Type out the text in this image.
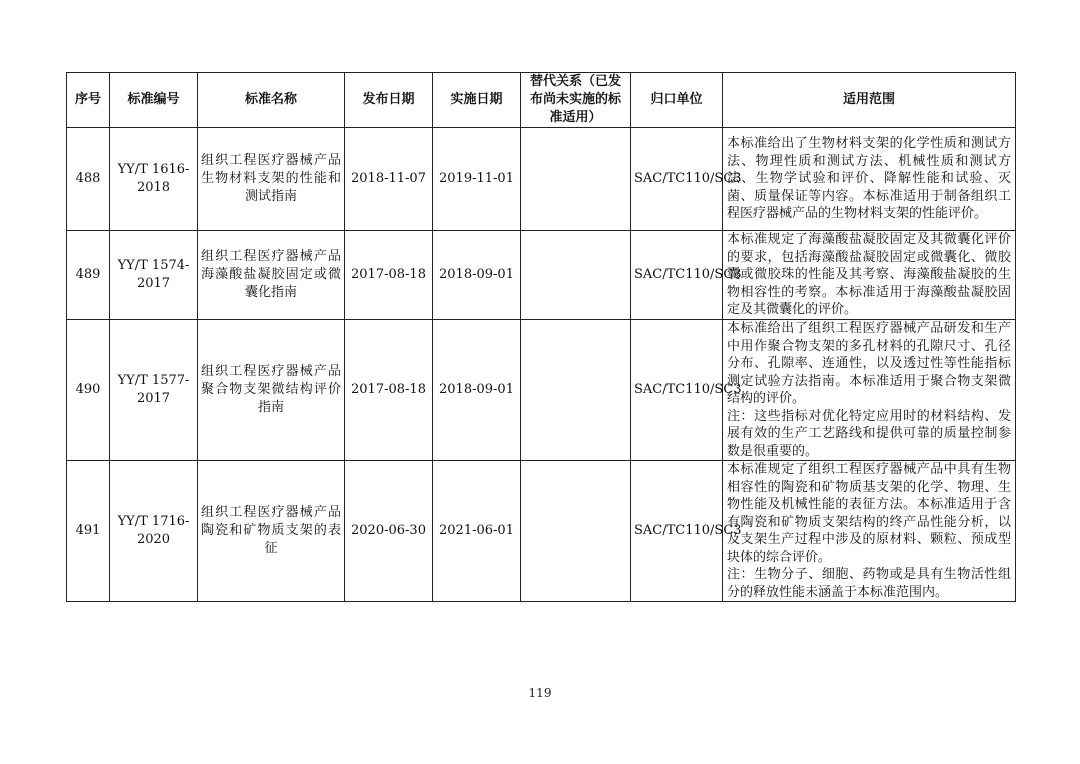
序号	标准编号	标准名称	发布日期	实施日期	替代关系（已发布尚未实施的标准适用）	归口单位	适用范围
488	YY/T 1616-2018	组织工程医疗器械产品 生物材料支架的性能和测试指南	2018-11-07	2019-11-01		SAC/TC110/SC3	本标准给出了生物材料支架的化学性质和测试方法、物理性质和测试方法、机械性质和测试方法、生物学试验和评价、降解性能和试验、灭菌、质量保证等内容。本标准适用于制备组织工程医疗器械产品的生物材料支架的性能评价。

489	YY/T 1574-2017	组织工程医疗器械产品 海藻酸盐凝胶固定或微囊化指南	2017-08-18	2018-09-01		SAC/TC110/SC3	本标准规定了海藻酸盐凝胶固定及其微囊化评价的要求，包括海藻酸盐凝胶固定或微囊化、微胶囊或微胶珠的性能及其考察、海藻酸盐凝胶的生物相容性的考察。本标准适用于海藻酸盐凝胶固定及其微囊化的评价。

490	YY/T 1577-2017	组织工程医疗器械产品 聚合物支架微结构评价指南	2017-08-18	2018-09-01		SAC/TC110/SC3	本标准给出了组织工程医疗器械产品研发和生产中用作聚合物支架的多孔材料的孔隙尺寸、孔径分布、孔隙率、连通性，以及透过性等性能指标测定试验方法指南。本标准适用于聚合物支架微结构的评价。
注：这些指标对优化特定应用时的材料结构、发展有效的生产工艺路线和提供可靠的质量控制参数是很重要的。

491	YY/T 1716-2020	组织工程医疗器械产品 陶瓷和矿物质支架的表征	2020-06-30	2021-06-01		SAC/TC110/SC3	本标准规定了组织工程医疗器械产品中具有生物相容性的陶瓷和矿物质基支架的化学、物理、生物性能及机械性能的表征方法。本标准适用于含有陶瓷和矿物质支架结构的终产品性能分析，以及支架生产过程中涉及的原材料、颗粒、预成型块体的综合评价。
注：生物分子、细胞、药物或是具有生物活性组分的释放性能未涵盖于本标准范围内。
119
